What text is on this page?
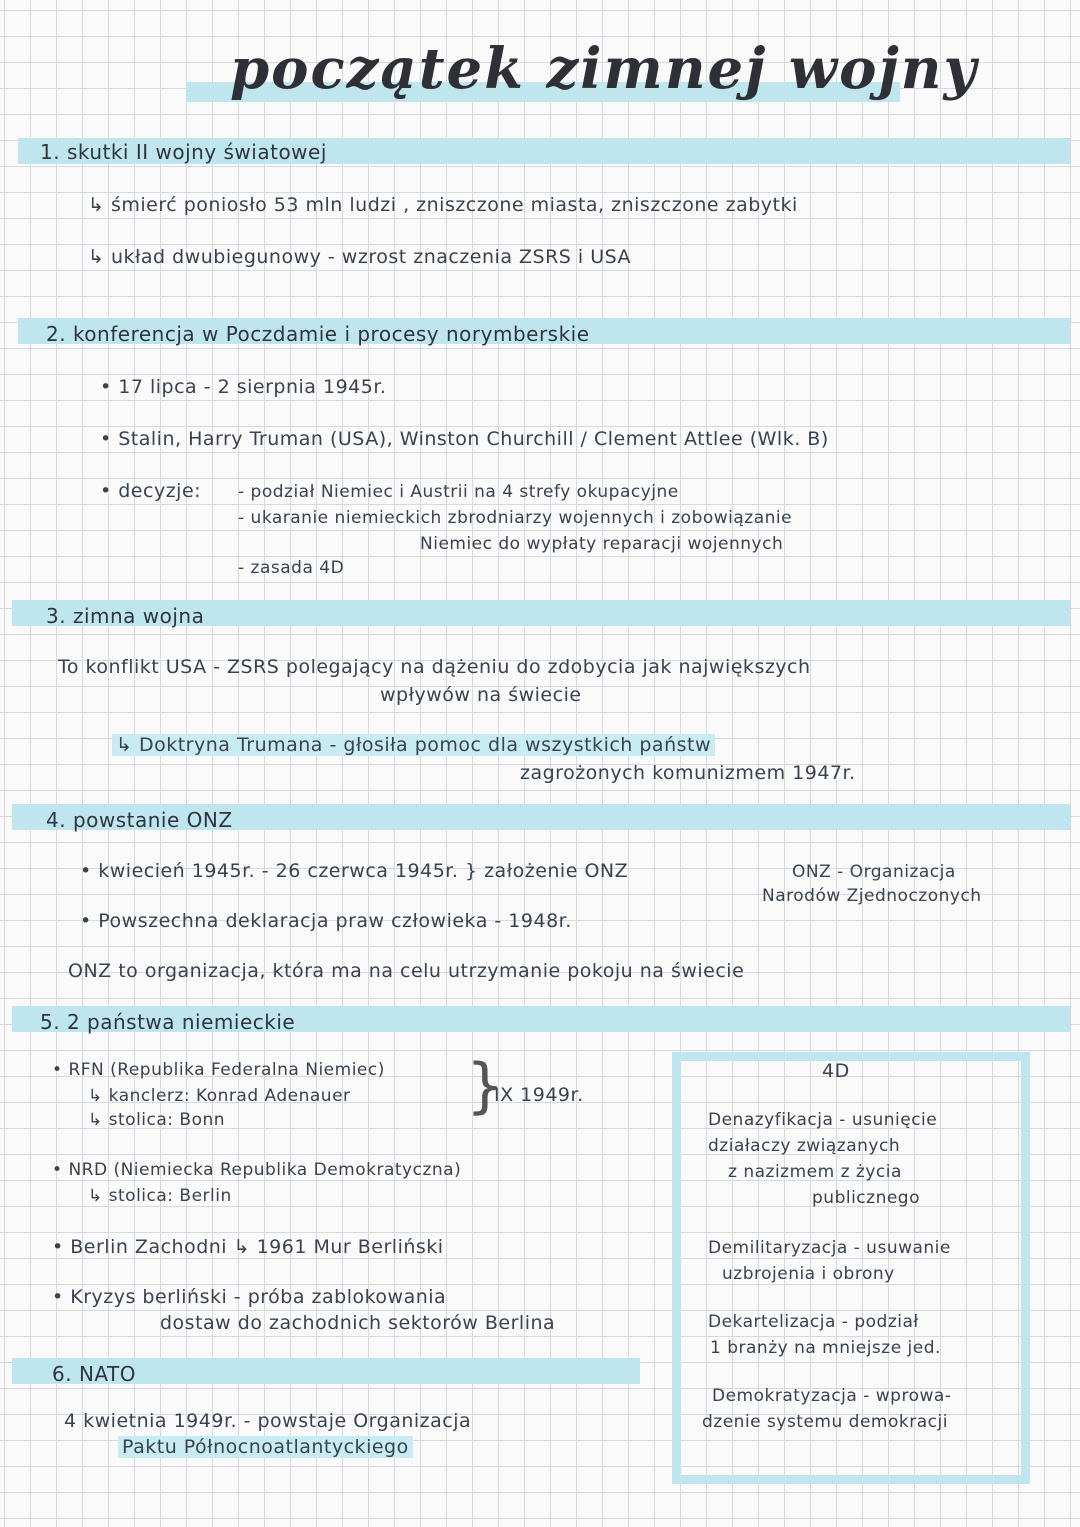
początek zimnej wojny
1. skutki II wojny światowej
↳ śmierć poniosło 53 mln ludzi , zniszczone miasta, zniszczone zabytki
↳ układ dwubiegunowy - wzrost znaczenia ZSRS i USA
2. konferencja w Poczdamie i procesy norymberskie
• 17 lipca - 2 sierpnia 1945r.
• Stalin, Harry Truman (USA), Winston Churchill / Clement Attlee (Wlk. B)
• decyzje: - podział Niemiec i Austrii na 4 strefy okupacyjne
- ukaranie niemieckich zbrodniarzy wojennych i zobowiązanie
Niemiec do wypłaty reparacji wojennych
- zasada 4D
3. zimna wojna
To konflikt USA - ZSRS polegający na dążeniu do zdobycia jak największych
wpływów na świecie
↳ Doktryna Trumana - głosiła pomoc dla wszystkich państw
zagrożonych komunizmem 1947r.
4. powstanie ONZ
• kwiecień 1945r. - 26 czerwca 1945r. } założenie ONZ	ONZ - Organizacja
Narodów Zjednoczonych
• Powszechna deklaracja praw człowieka - 1948r.
ONZ to organizacja, która ma na celu utrzymanie pokoju na świecie
5. 2 państwa niemieckie
• RFN (Republika Federalna Niemiec)
↳ kanclerz: Konrad Adenauer
↳ stolica: Bonn	}
IX 1949r.
• NRD (Niemiecka Republika Demokratyczna)
↳ stolica: Berlin
• Berlin Zachodni ↳ 1961 Mur Berliński
• Kryzys berliński - próba zablokowania
dostaw do zachodnich sektorów Berlina
6. NATO
4 kwietnia 1949r. - powstaje Organizacja
Paktu Północnoatlantyckiego
4D
Denazyfikacja - usunięcie
działaczy związanych
z nazizmem z życia
publicznego
Demilitaryzacja - usuwanie
uzbrojenia i obrony
Dekartelizacja - podział
1 branży na mniejsze jed.
Demokratyzacja - wprowa-
dzenie systemu demokracji
